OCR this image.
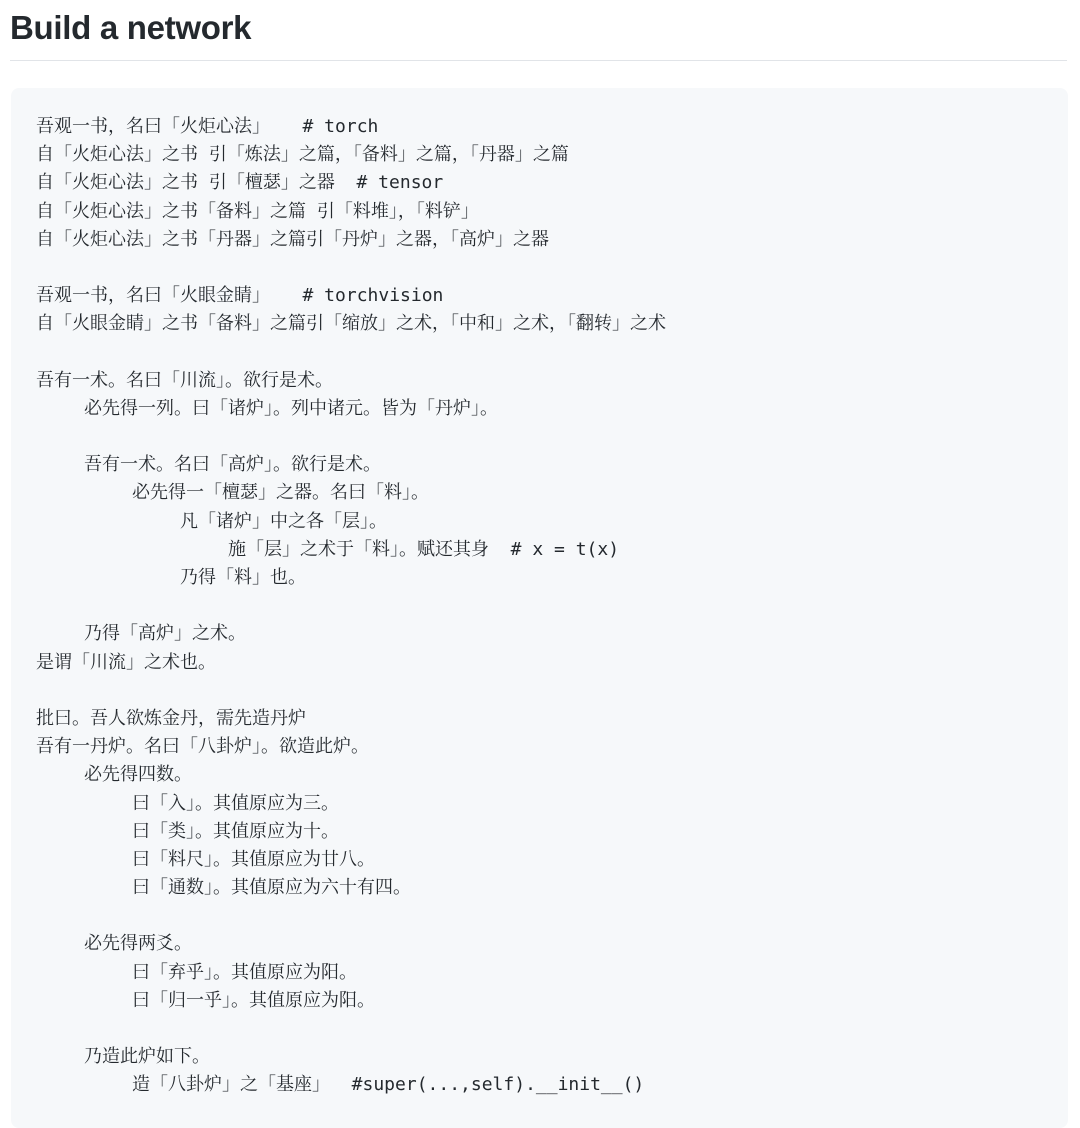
Build a network
吾观一书，名曰「火炬心法」   # torch
自「火炬心法」之书 引「炼法」之篇，「备料」之篇，「丹器」之篇
自「火炬心法」之书 引「檀瑟」之器  # tensor
自「火炬心法」之书「备料」之篇 引「料堆」，「料铲」
自「火炬心法」之书「丹器」之篇引「丹炉」之器，「高炉」之器
吾观一书，名曰「火眼金睛」   # torchvision
自「火眼金睛」之书「备料」之篇引「缩放」之术，「中和」之术，「翻转」之术
吾有一术。名曰「川流」。欲行是术。
必先得一列。曰「诸炉」。列中诸元。皆为「丹炉」。
吾有一术。名曰「高炉」。欲行是术。
必先得一「檀瑟」之器。名曰「料」。
凡「诸炉」中之各「层」。
施「层」之术于「料」。赋还其身  # x = t(x)
乃得「料」也。
乃得「高炉」之术。
是谓「川流」之术也。
批曰。吾人欲炼金丹，需先造丹炉
吾有一丹炉。名曰「八卦炉」。欲造此炉。
必先得四数。
曰「入」。其值原应为三。
曰「类」。其值原应为十。
曰「料尺」。其值原应为廿八。
曰「通数」。其值原应为六十有四。
必先得两爻。
曰「弃乎」。其值原应为阳。
曰「归一乎」。其值原应为阳。
乃造此炉如下。
造「八卦炉」之「基座」  #super(...,self).__init__()
